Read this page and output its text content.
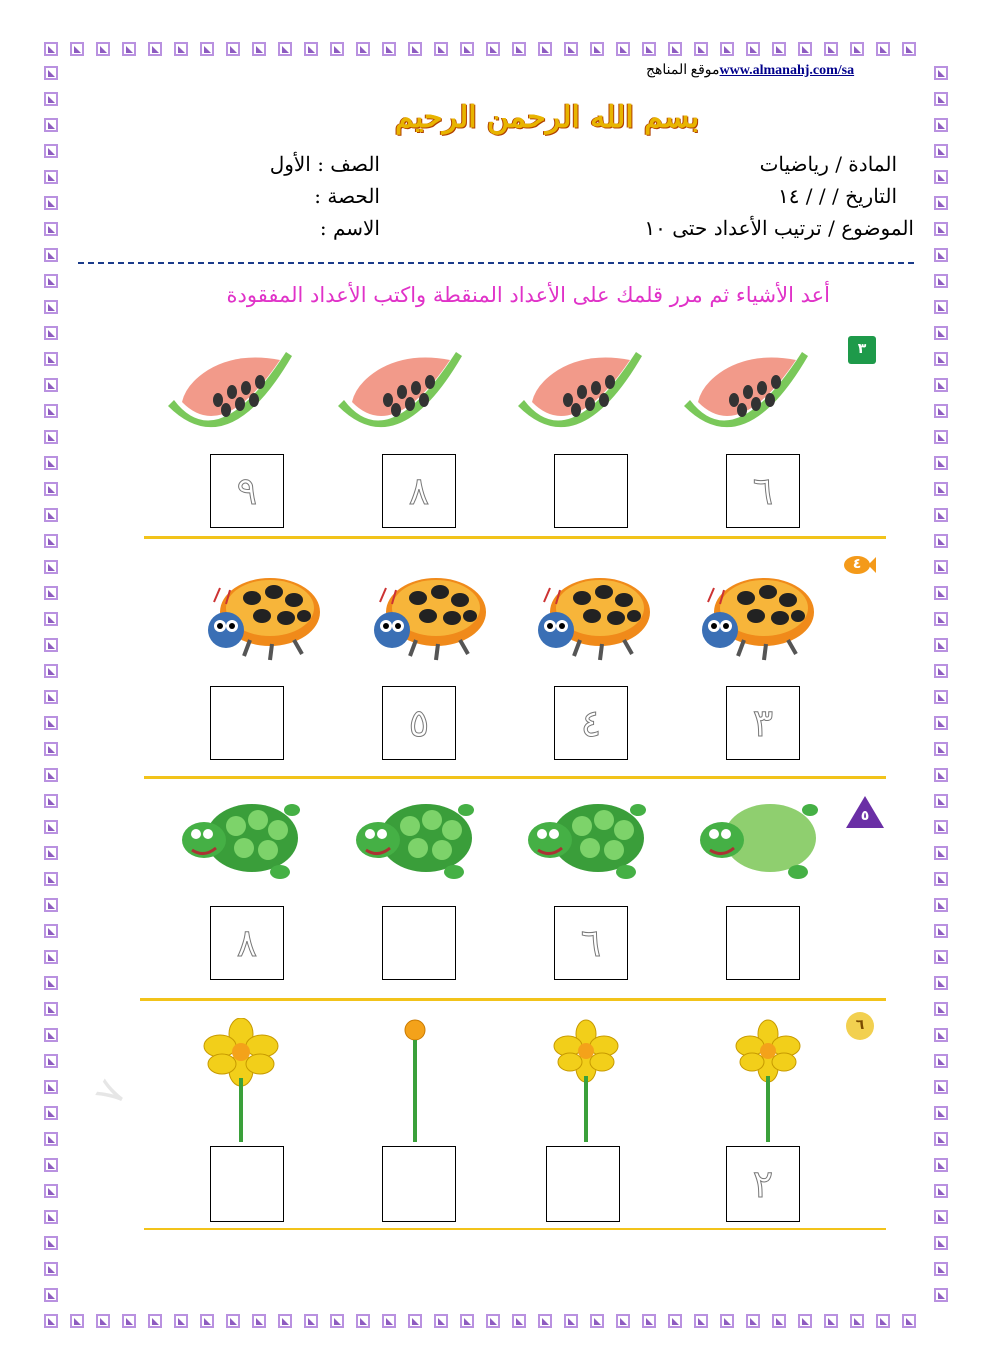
موقع المناهجwww.almanahj.com/sa
بسم الله الرحمن الرحيم
المادة / رياضيات
التاريخ / / / ١٤
الموضوع / ترتيب الأعداد حتى ١٠
الصف : الأول
الحصة :
الاسم :
أعد الأشياء ثم مرر قلمك على الأعداد المنقطة واكتب الأعداد المفقودة
٧
٣
٩	٨	٦
٤
٥	٤	٣
٥
٨	٦
٦
٢
